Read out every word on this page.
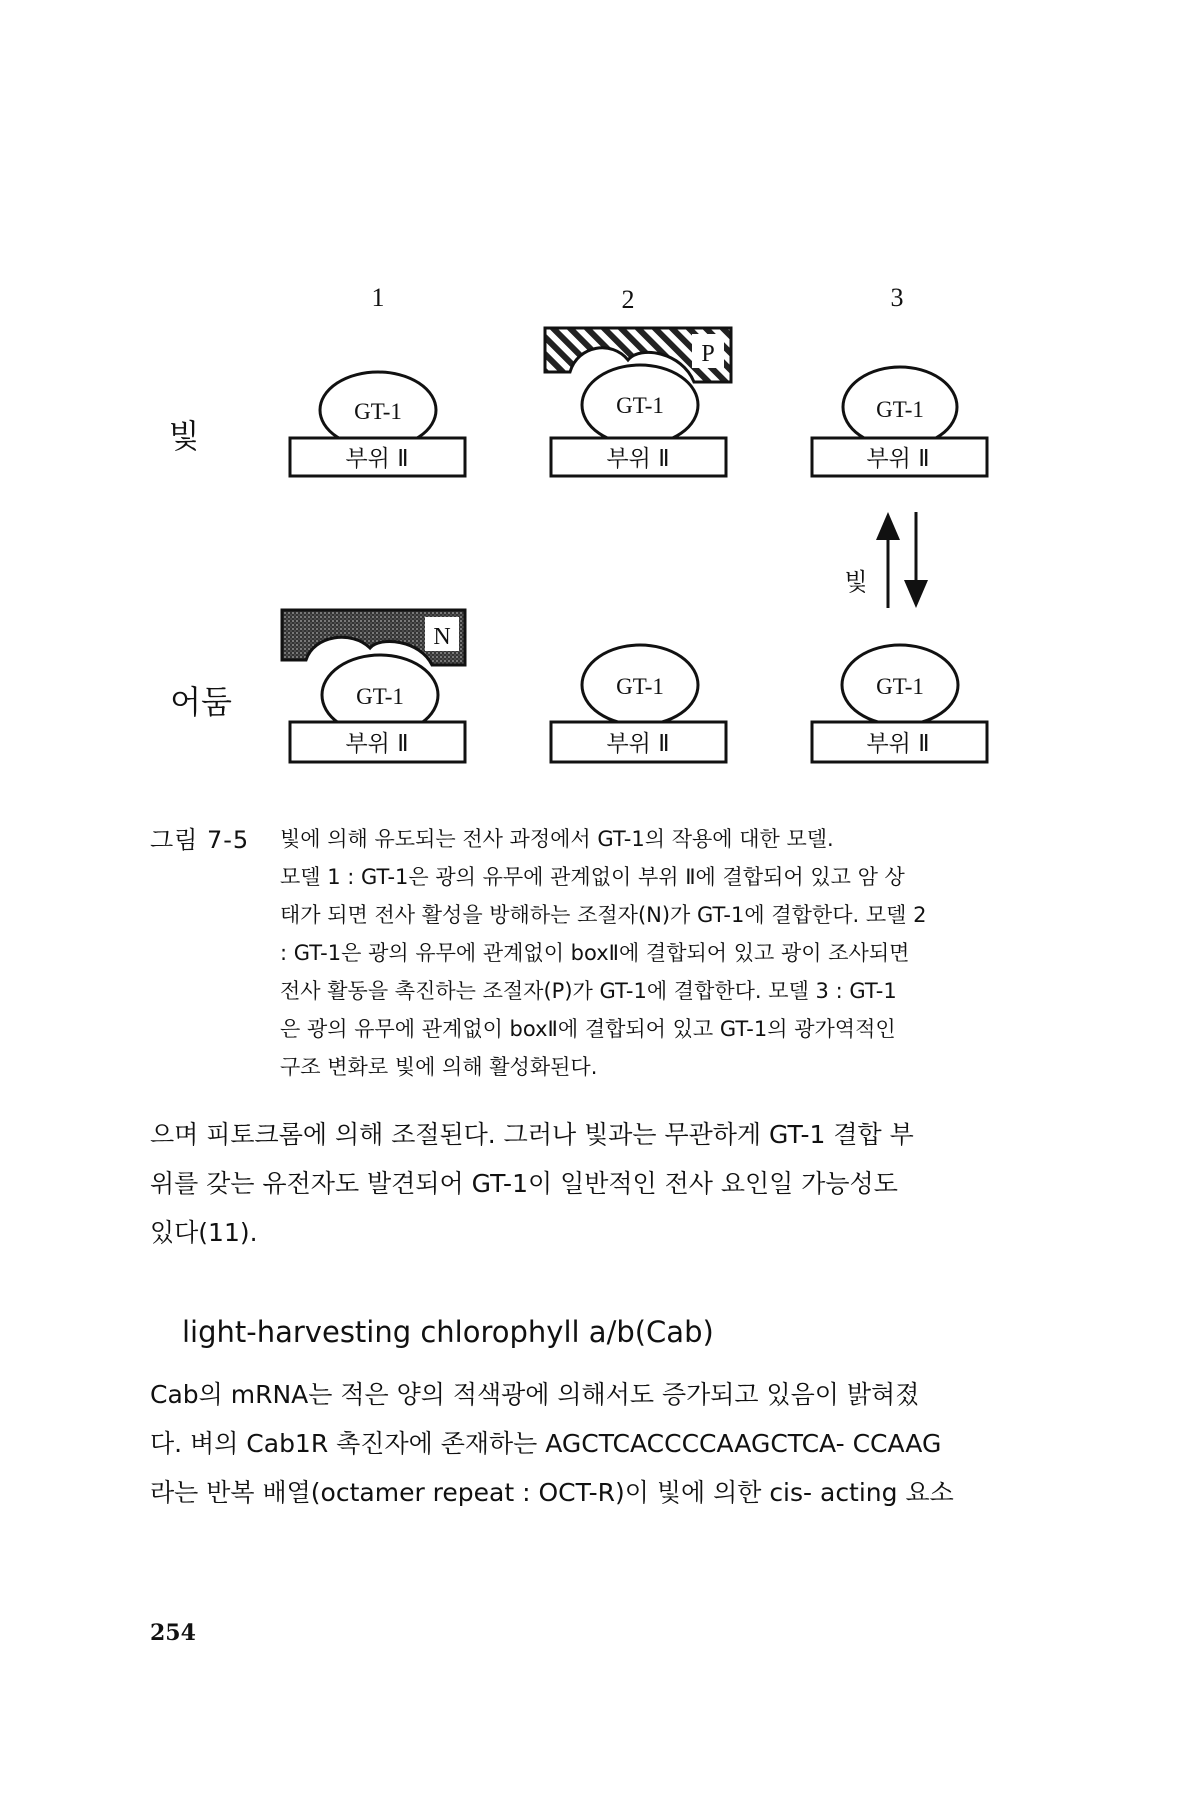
1	2	3
빛
어둠
GT-1
부위 Ⅱ
P
GT-1
부위 Ⅱ
GT-1
부위 Ⅱ
빛
N
GT-1
부위 Ⅱ
GT-1
부위 Ⅱ
GT-1
부위 Ⅱ
그림 7-5 빛에 의해 유도되는 전사 과정에서 GT-1의 작용에 대한 모델.
모델 1 : GT-1은 광의 유무에 관계없이 부위 Ⅱ에 결합되어 있고 암 상
태가 되면 전사 활성을 방해하는 조절자(N)가 GT-1에 결합한다. 모델 2
: GT-1은 광의 유무에 관계없이 boxⅡ에 결합되어 있고 광이 조사되면
전사 활동을 촉진하는 조절자(P)가 GT-1에 결합한다. 모델 3 : GT-1
은 광의 유무에 관계없이 boxⅡ에 결합되어 있고 GT-1의 광가역적인
구조 변화로 빛에 의해 활성화된다.
으며 피토크롬에 의해 조절된다. 그러나 빛과는 무관하게 GT-1 결합 부
위를 갖는 유전자도 발견되어 GT-1이 일반적인 전사 요인일 가능성도
있다(11).
light-harvesting chlorophyll a/b(Cab)
Cab의 mRNA는 적은 양의 적색광에 의해서도 증가되고 있음이 밝혀졌
다. 벼의 Cab1R 촉진자에 존재하는 AGCTCACCCCAAGCTCA- CCAAG
라는 반복 배열(octamer repeat : OCT-R)이 빛에 의한 cis- acting 요소
254
